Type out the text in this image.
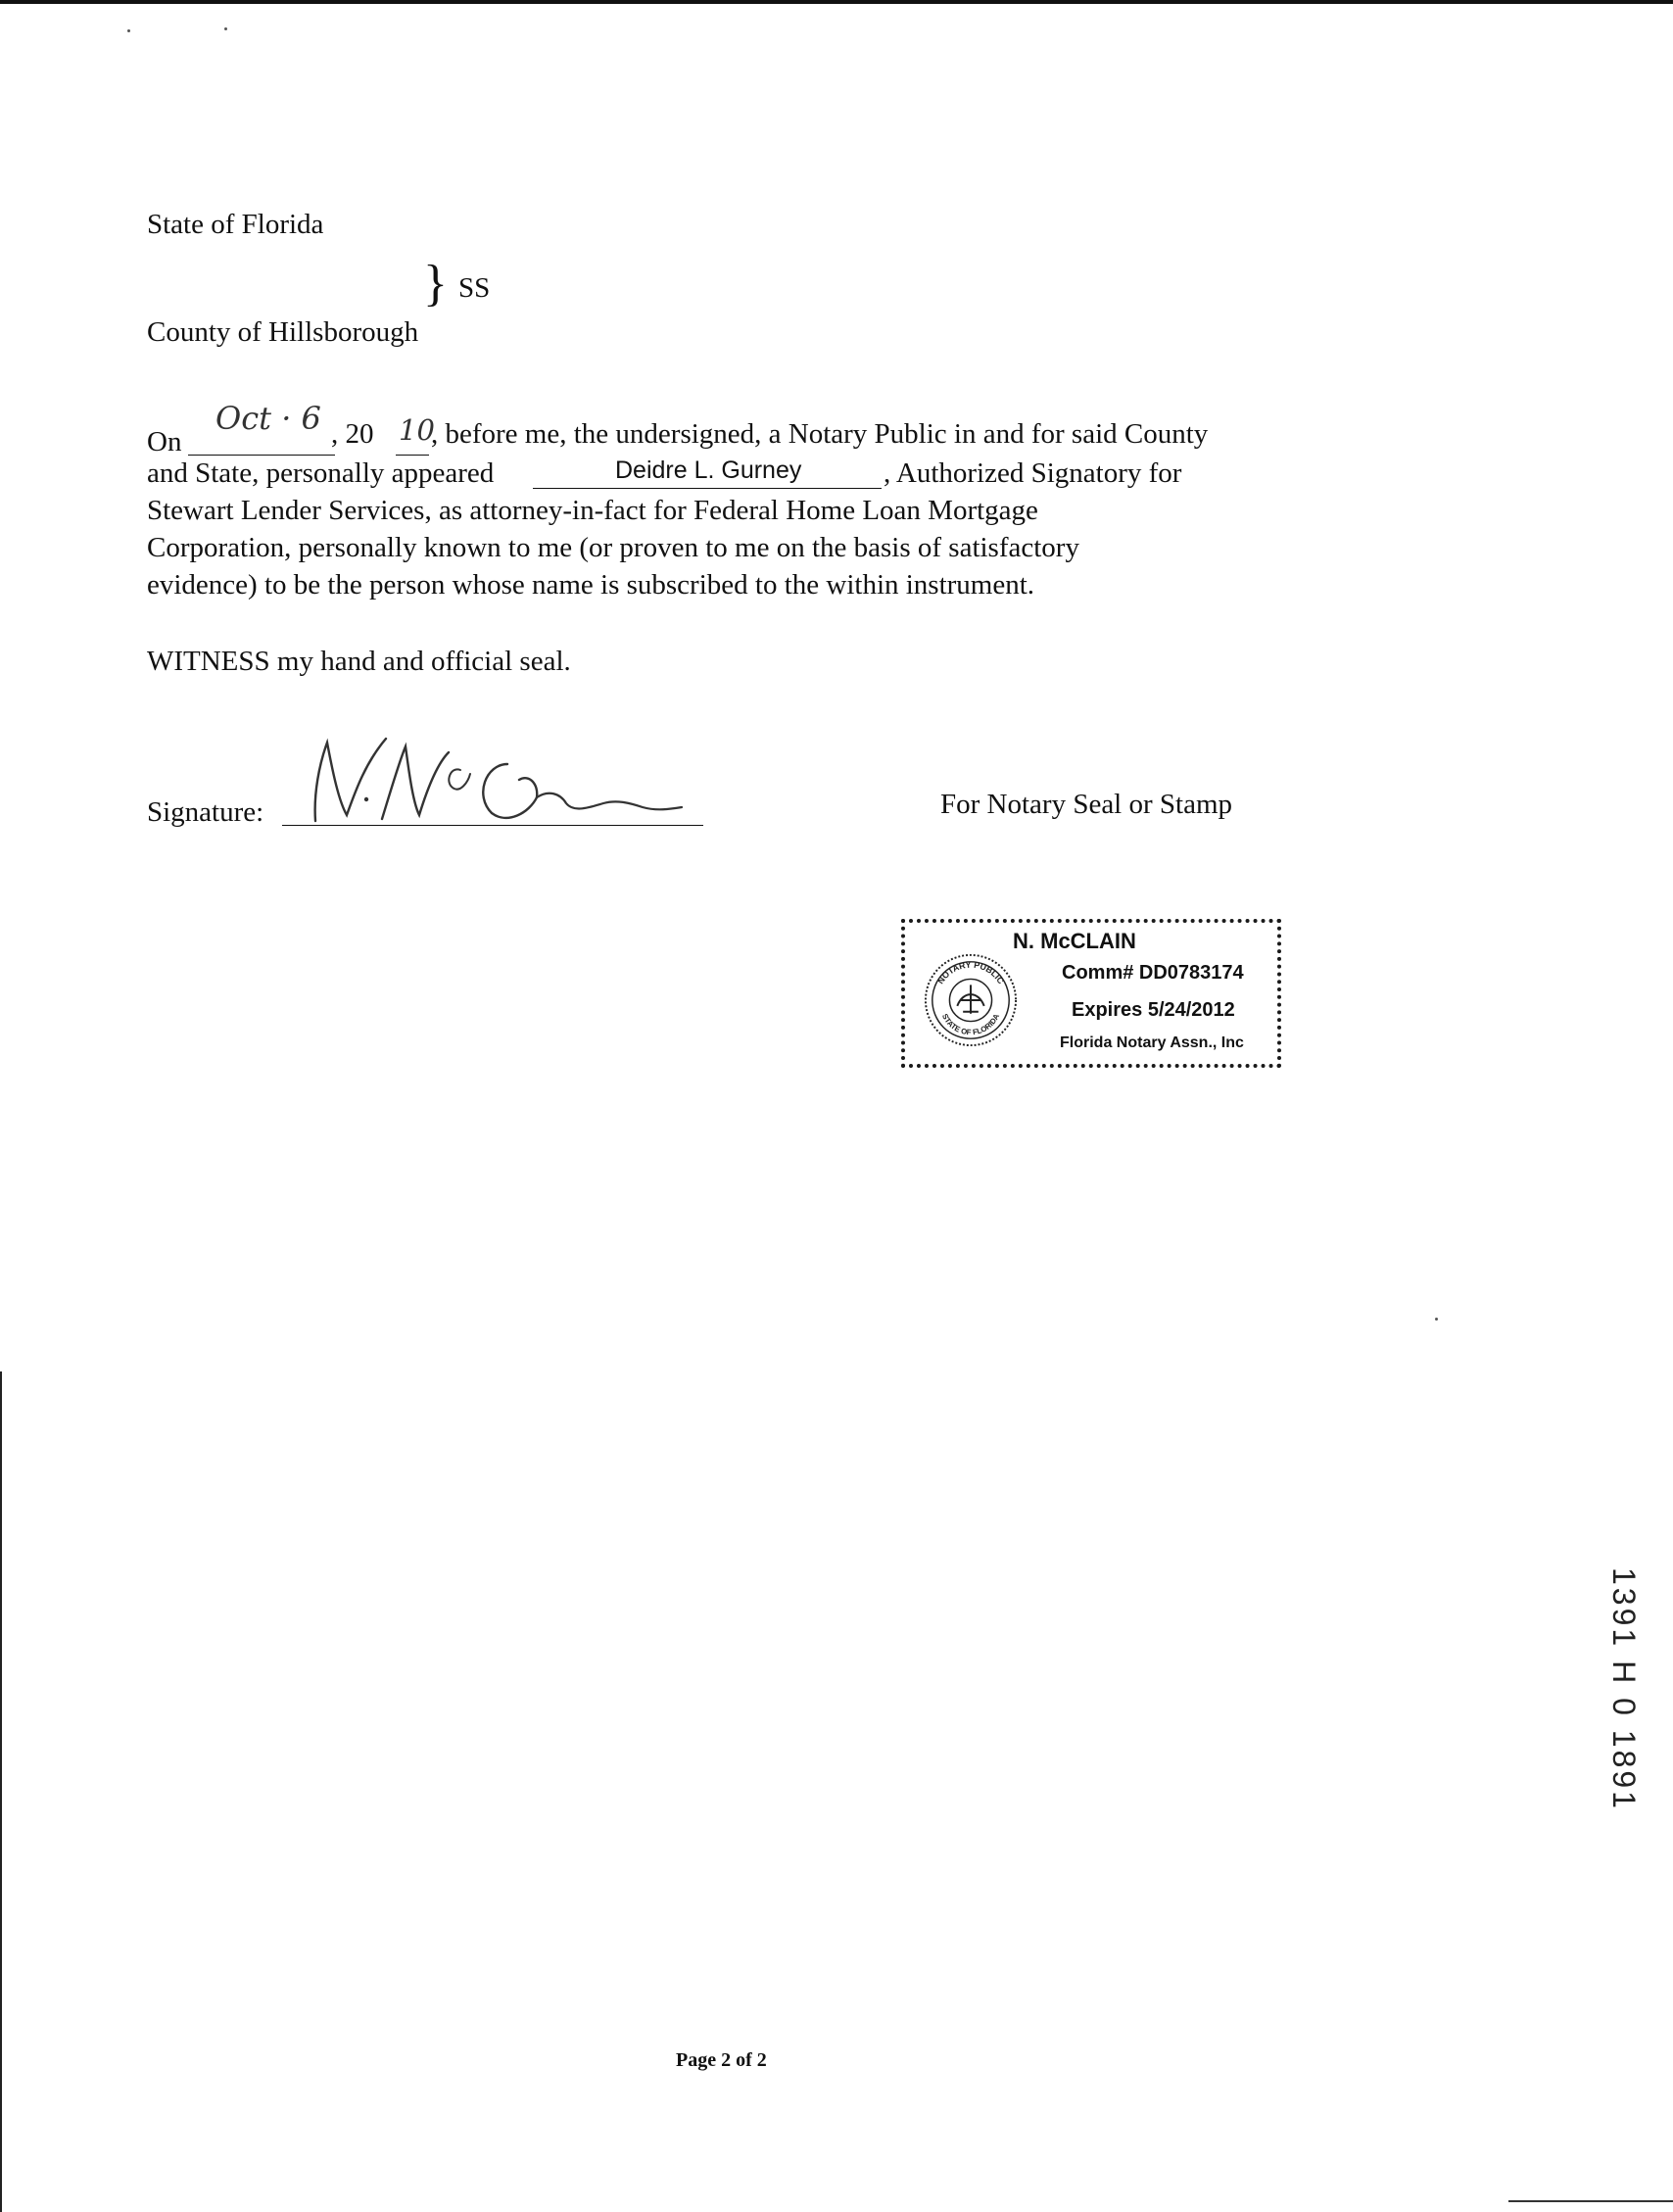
State of Florida
} SS
County of Hillsborough
On
Oct · 6 , 20 10
, before me, the undersigned, a Notary Public in and for said County
and State, personally appeared	Deidre L. Gurney	, Authorized Signatory for
Stewart Lender Services, as attorney-in-fact for Federal Home Loan Mortgage
Corporation, personally known to me (or proven to me on the basis of satisfactory
evidence) to be the person whose name is subscribed to the within instrument.
WITNESS my hand and official seal.
Signature:	For Notary Seal or Stamp
NOTARY PUBLIC
STATE OF FLORIDA
N. McCLAIN
Comm# DD0783174
Expires 5/24/2012
Florida Notary Assn., Inc
Page 2 of 2
1391 H 0 1891
